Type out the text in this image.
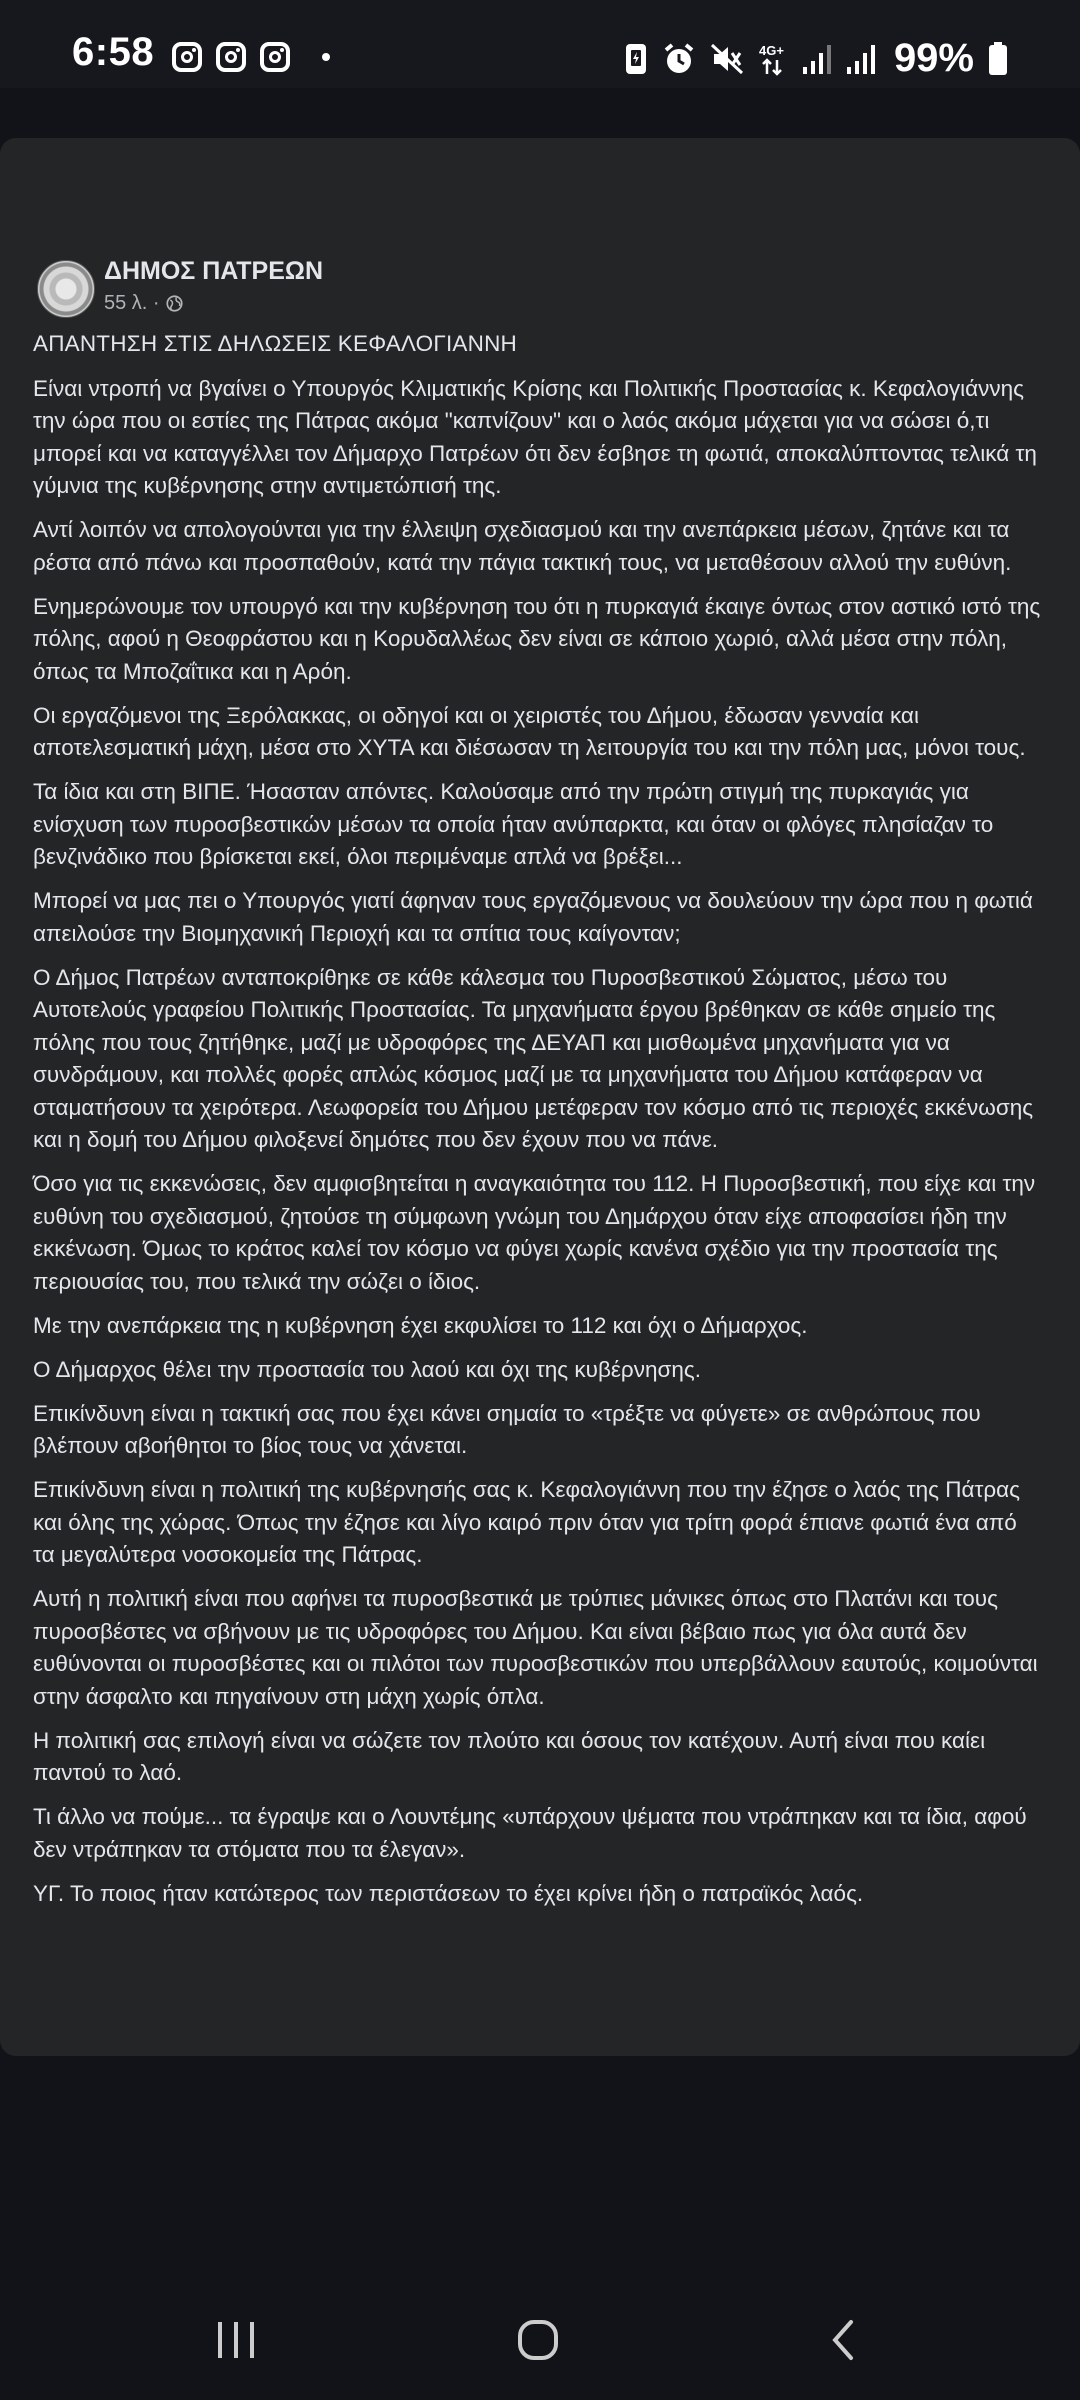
6:58	4G+	99%
ΔΗΜΟΣ ΠΑΤΡΕΩΝ
55 λ. ·
ΑΠΑΝΤΗΣΗ ΣΤΙΣ ΔΗΛΩΣΕΙΣ ΚΕΦΑΛΟΓΙΑΝΝΗ

Είναι ντροπή να βγαίνει ο Υπουργός Κλιματικής Κρίσης και Πολιτικής Προστασίας κ. Κεφαλογιάννης την ώρα που οι εστίες της Πάτρας ακόμα "καπνίζουν" και ο λαός ακόμα μάχεται για να σώσει ό,τι μπορεί και να καταγγέλλει τον Δήμαρχο Πατρέων ότι δεν έσβησε τη φωτιά, αποκαλύπτοντας τελικά τη γύμνια της κυβέρνησης στην αντιμετώπισή της.

Αντί λοιπόν να απολογούνται για την έλλειψη σχεδιασμού και την ανεπάρκεια μέσων, ζητάνε και τα ρέστα από πάνω και προσπαθούν, κατά την πάγια τακτική τους, να μεταθέσουν αλλού την ευθύνη.

Ενημερώνουμε τον υπουργό και την κυβέρνηση του ότι η πυρκαγιά έκαιγε όντως στον αστικό ιστό της πόλης, αφού η Θεοφράστου και η Κορυδαλλέως δεν είναι σε κάποιο χωριό, αλλά μέσα στην πόλη, όπως τα Μποζαΐτικα και η Αρόη.

Οι εργαζόμενοι της Ξερόλακκας, οι οδηγοί και οι χειριστές του Δήμου, έδωσαν γενναία και αποτελεσματική μάχη, μέσα στο ΧΥΤΑ και διέσωσαν τη λειτουργία του και την πόλη μας, μόνοι τους.

Τα ίδια και στη ΒΙΠΕ. Ήσασταν απόντες. Καλούσαμε από την πρώτη στιγμή της πυρκαγιάς για ενίσχυση των πυροσβεστικών μέσων τα οποία ήταν ανύπαρκτα, και όταν οι φλόγες πλησίαζαν το βενζινάδικο που βρίσκεται εκεί, όλοι περιμέναμε απλά να βρέξει...

Μπορεί να μας πει ο Υπουργός γιατί άφηναν τους εργαζόμενους να δουλεύουν την ώρα που η φωτιά απειλούσε την Βιομηχανική Περιοχή και τα σπίτια τους καίγονταν;

Ο Δήμος Πατρέων ανταποκρίθηκε σε κάθε κάλεσμα του Πυροσβεστικού Σώματος, μέσω του Αυτοτελούς γραφείου Πολιτικής Προστασίας. Τα μηχανήματα έργου βρέθηκαν σε κάθε σημείο της πόλης που τους ζητήθηκε, μαζί με υδροφόρες της ΔΕΥΑΠ και μισθωμένα μηχανήματα για να συνδράμουν, και πολλές φορές απλώς κόσμος μαζί με τα μηχανήματα του Δήμου κατάφεραν να σταματήσουν τα χειρότερα. Λεωφορεία του Δήμου μετέφεραν τον κόσμο από τις περιοχές εκκένωσης και η δομή του Δήμου φιλοξενεί δημότες που δεν έχουν που να πάνε.

Όσο για τις εκκενώσεις, δεν αμφισβητείται η αναγκαιότητα του 112. Η Πυροσβεστική, που είχε και την ευθύνη του σχεδιασμού, ζητούσε τη σύμφωνη γνώμη του Δημάρχου όταν είχε αποφασίσει ήδη την εκκένωση. Όμως το κράτος καλεί τον κόσμο να φύγει χωρίς κανένα σχέδιο για την προστασία της περιουσίας του, που τελικά την σώζει ο ίδιος.

Με την ανεπάρκεια της η κυβέρνηση έχει εκφυλίσει το 112 και όχι ο Δήμαρχος.

Ο Δήμαρχος θέλει την προστασία του λαού και όχι της κυβέρνησης.

Επικίνδυνη είναι η τακτική σας που έχει κάνει σημαία το «τρέξτε να φύγετε» σε ανθρώπους που βλέπουν αβοήθητοι το βίος τους να χάνεται.

Επικίνδυνη είναι η πολιτική της κυβέρνησής σας κ. Κεφαλογιάννη που την έζησε ο λαός της Πάτρας και όλης της χώρας. Όπως την έζησε και λίγο καιρό πριν όταν για τρίτη φορά έπιανε φωτιά ένα από τα μεγαλύτερα νοσοκομεία της Πάτρας.

Αυτή η πολιτική είναι που αφήνει τα πυροσβεστικά με τρύπιες μάνικες όπως στο Πλατάνι και τους πυροσβέστες να σβήνουν με τις υδροφόρες του Δήμου. Και είναι βέβαιο πως για όλα αυτά δεν ευθύνονται οι πυροσβέστες και οι πιλότοι των πυροσβεστικών που υπερβάλλουν εαυτούς, κοιμούνται στην άσφαλτο και πηγαίνουν στη μάχη χωρίς όπλα.

Η πολιτική σας επιλογή είναι να σώζετε τον πλούτο και όσους τον κατέχουν. Αυτή είναι που καίει παντού το λαό.

Τι άλλο να πούμε... τα έγραψε και ο Λουντέμης «υπάρχουν ψέματα που ντράπηκαν και τα ίδια, αφού δεν ντράπηκαν τα στόματα που τα έλεγαν».

ΥΓ. Το ποιος ήταν κατώτερος των περιστάσεων το έχει κρίνει ήδη ο πατραϊκός λαός.
